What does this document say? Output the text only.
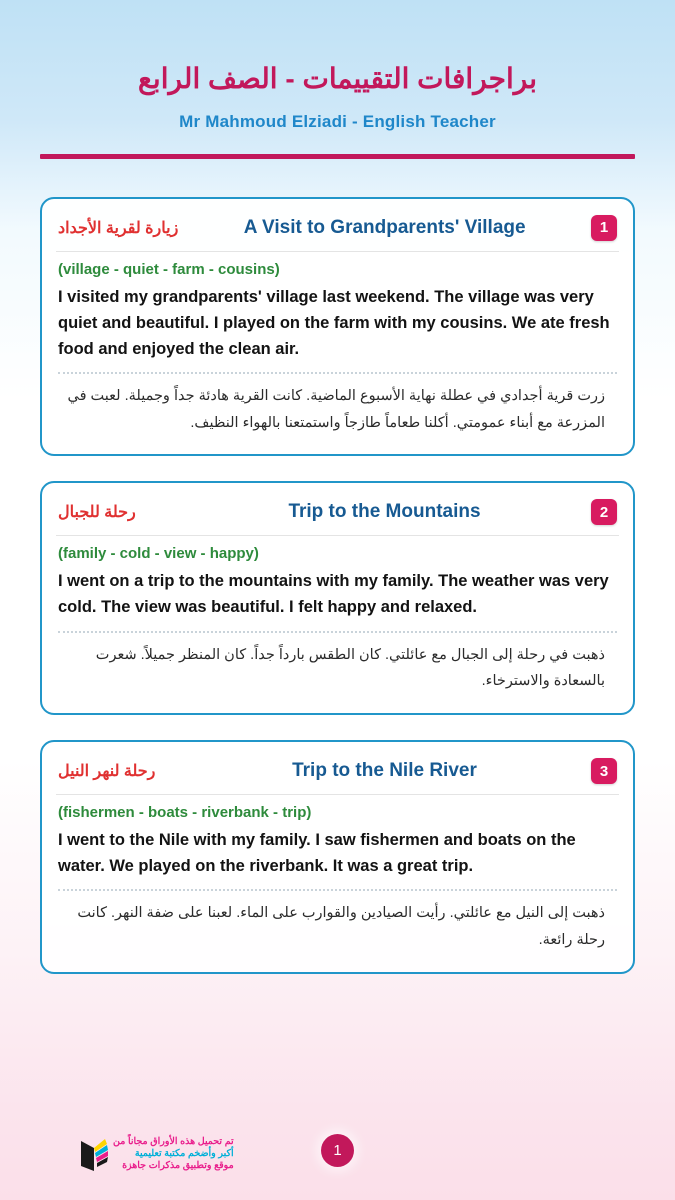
براجرافات التقييمات - الصف الرابع
Mr Mahmoud Elziadi - English Teacher
زيارة لقرية الأجداد	A Visit to Grandparents' Village	1
(village - quiet - farm - cousins)
I visited my grandparents' village last weekend. The village was very quiet and beautiful. I played on the farm with my cousins. We ate fresh food and enjoyed the clean air.
زرت قرية أجدادي في عطلة نهاية الأسبوع الماضية. كانت القرية هادئة جداً وجميلة. لعبت في المزرعة مع أبناء عمومتي. أكلنا طعاماً طازجاً واستمتعنا بالهواء النظيف.
رحلة للجبال	Trip to the Mountains	2
(family - cold - view - happy)
I went on a trip to the mountains with my family. The weather was very cold. The view was beautiful. I felt happy and relaxed.
ذهبت في رحلة إلى الجبال مع عائلتي. كان الطقس بارداً جداً. كان المنظر جميلاً. شعرت بالسعادة والاسترخاء.
رحلة لنهر النيل	Trip to the Nile River	3
(fishermen - boats - riverbank - trip)
I went to the Nile with my family. I saw fishermen and boats on the water. We played on the riverbank. It was a great trip.
ذهبت إلى النيل مع عائلتي. رأيت الصيادين والقوارب على الماء. لعبنا على ضفة النهر. كانت رحلة رائعة.
تم تحميل هذه الأوراق مجاناً من
أكبر وأضخم مكتبة تعليمية
موقع وتطبيق مذكرات جاهزة
1
